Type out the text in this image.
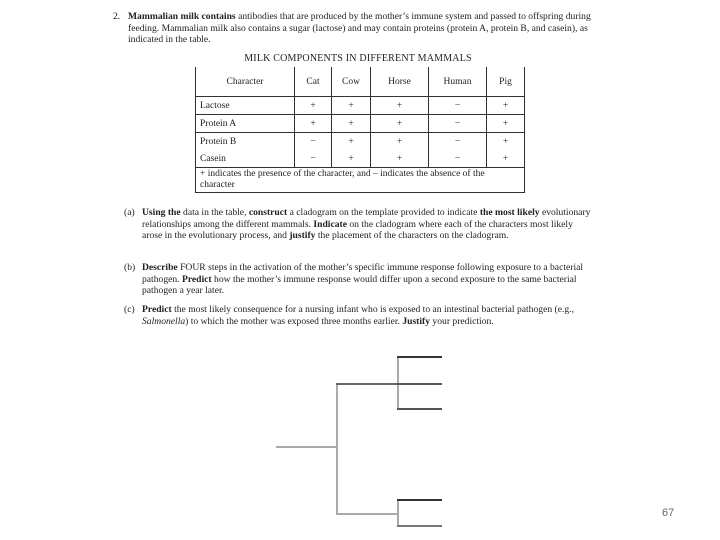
2. Mammalian milk contains antibodies that are produced by the mother’s immune system and passed to offspring during feeding. Mammalian milk also contains a sugar (lactose) and may contain proteins (protein A, protein B, and casein), as indicated in the table.
MILK COMPONENTS IN DIFFERENT MAMMALS
Character	Cat	Cow	Horse	Human	Pig
Lactose	+	+	+	−	+
Protein A	+	+	+	−	+
Protein B	−	+	+	−	+
Casein	−	+	+	−	+
+ indicates the presence of the character, and – indicates the absence of the character					
(a) Using the data in the table, construct a cladogram on the template provided to indicate the most likely evolutionary relationships among the different mammals. Indicate on the cladogram where each of the characters most likely arose in the evolutionary process, and justify the placement of the characters on the cladogram.
(b) Describe FOUR steps in the activation of the mother’s specific immune response following exposure to a bacterial pathogen. Predict how the mother’s immune response would differ upon a second exposure to the same bacterial pathogen a year later.
(c) Predict the most likely consequence for a nursing infant who is exposed to an intestinal bacterial pathogen (e.g., Salmonella) to which the mother was exposed three months earlier. Justify your prediction.
67
